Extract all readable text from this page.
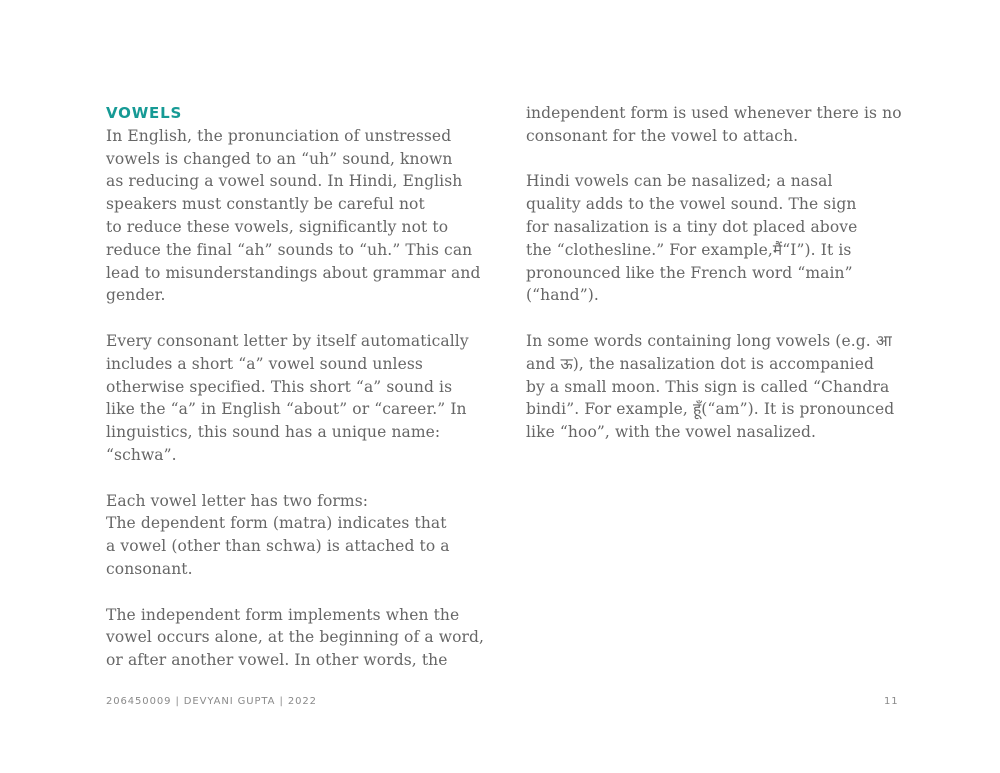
VOWELS

In English, the pronunciation of unstressed
vowels is changed to an “uh” sound, known
as reducing a vowel sound. In Hindi, English
speakers must constantly be careful not
to reduce these vowels, significantly not to
reduce the final “ah” sounds to “uh.” This can
lead to misunderstandings about grammar and
gender.

Every consonant letter by itself automatically
includes a short “a” vowel sound unless
otherwise specified. This short “a” sound is
like the “a” in English “about” or “career.” In
linguistics, this sound has a unique name:
“schwa”.

Each vowel letter has two forms:
The dependent form (matra) indicates that
a vowel (other than schwa) is attached to a
consonant.

The independent form implements when the
vowel occurs alone, at the beginning of a word,
or after another vowel. In other words, the

independent form is used whenever there is no
consonant for the vowel to attach.

Hindi vowels can be nasalized; a nasal
quality adds to the vowel sound. The sign
for nasalization is a tiny dot placed above
the “clothesline.” For example,मैं“I”). It is
pronounced like the French word “main”
(“hand”).

In some words containing long vowels (e.g. आ
and ऊ), the nasalization dot is accompanied
by a small moon. This sign is called “Chandra
bindi”. For example, हूँ(“am”). It is pronounced
like “hoo”, with the vowel nasalized.

206450009 | DEVYANI GUPTA | 2022	11
